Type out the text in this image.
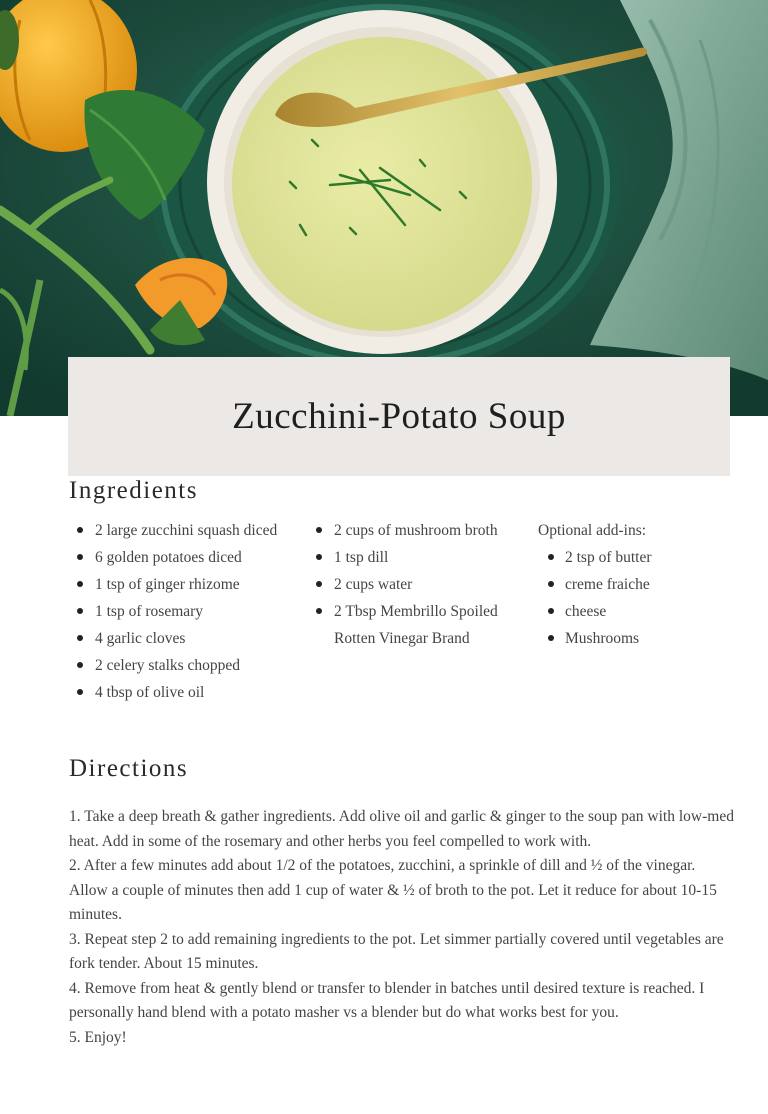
Zucchini-Potato Soup
Ingredients
2 large zucchini squash diced
6 golden potatoes diced
1 tsp of ginger rhizome
1 tsp of rosemary
4 garlic cloves
2 celery stalks chopped
4 tbsp of olive oil
2 cups of mushroom broth
1 tsp dill
2 cups water
2 Tbsp Membrillo Spoiled Rotten Vinegar Brand
Optional add-ins:
2 tsp of butter
creme fraiche
cheese
Mushrooms
Directions

1. Take a deep breath & gather ingredients. Add olive oil and garlic & ginger to the soup pan with low-med heat. Add in some of the rosemary and other herbs you feel compelled to work with.

2. After a few minutes add about 1/2 of the potatoes, zucchini, a sprinkle of dill and ½ of the vinegar. Allow a couple of minutes then add 1 cup of water & ½ of broth to the pot. Let it reduce for about 10-15 minutes.

3. Repeat step 2 to add remaining ingredients to the pot. Let simmer partially covered until vegetables are fork tender. About 15 minutes.

4. Remove from heat & gently blend or transfer to blender in batches until desired texture is reached. I personally hand blend with a potato masher vs a blender but do what works best for you.

5. Enjoy!
